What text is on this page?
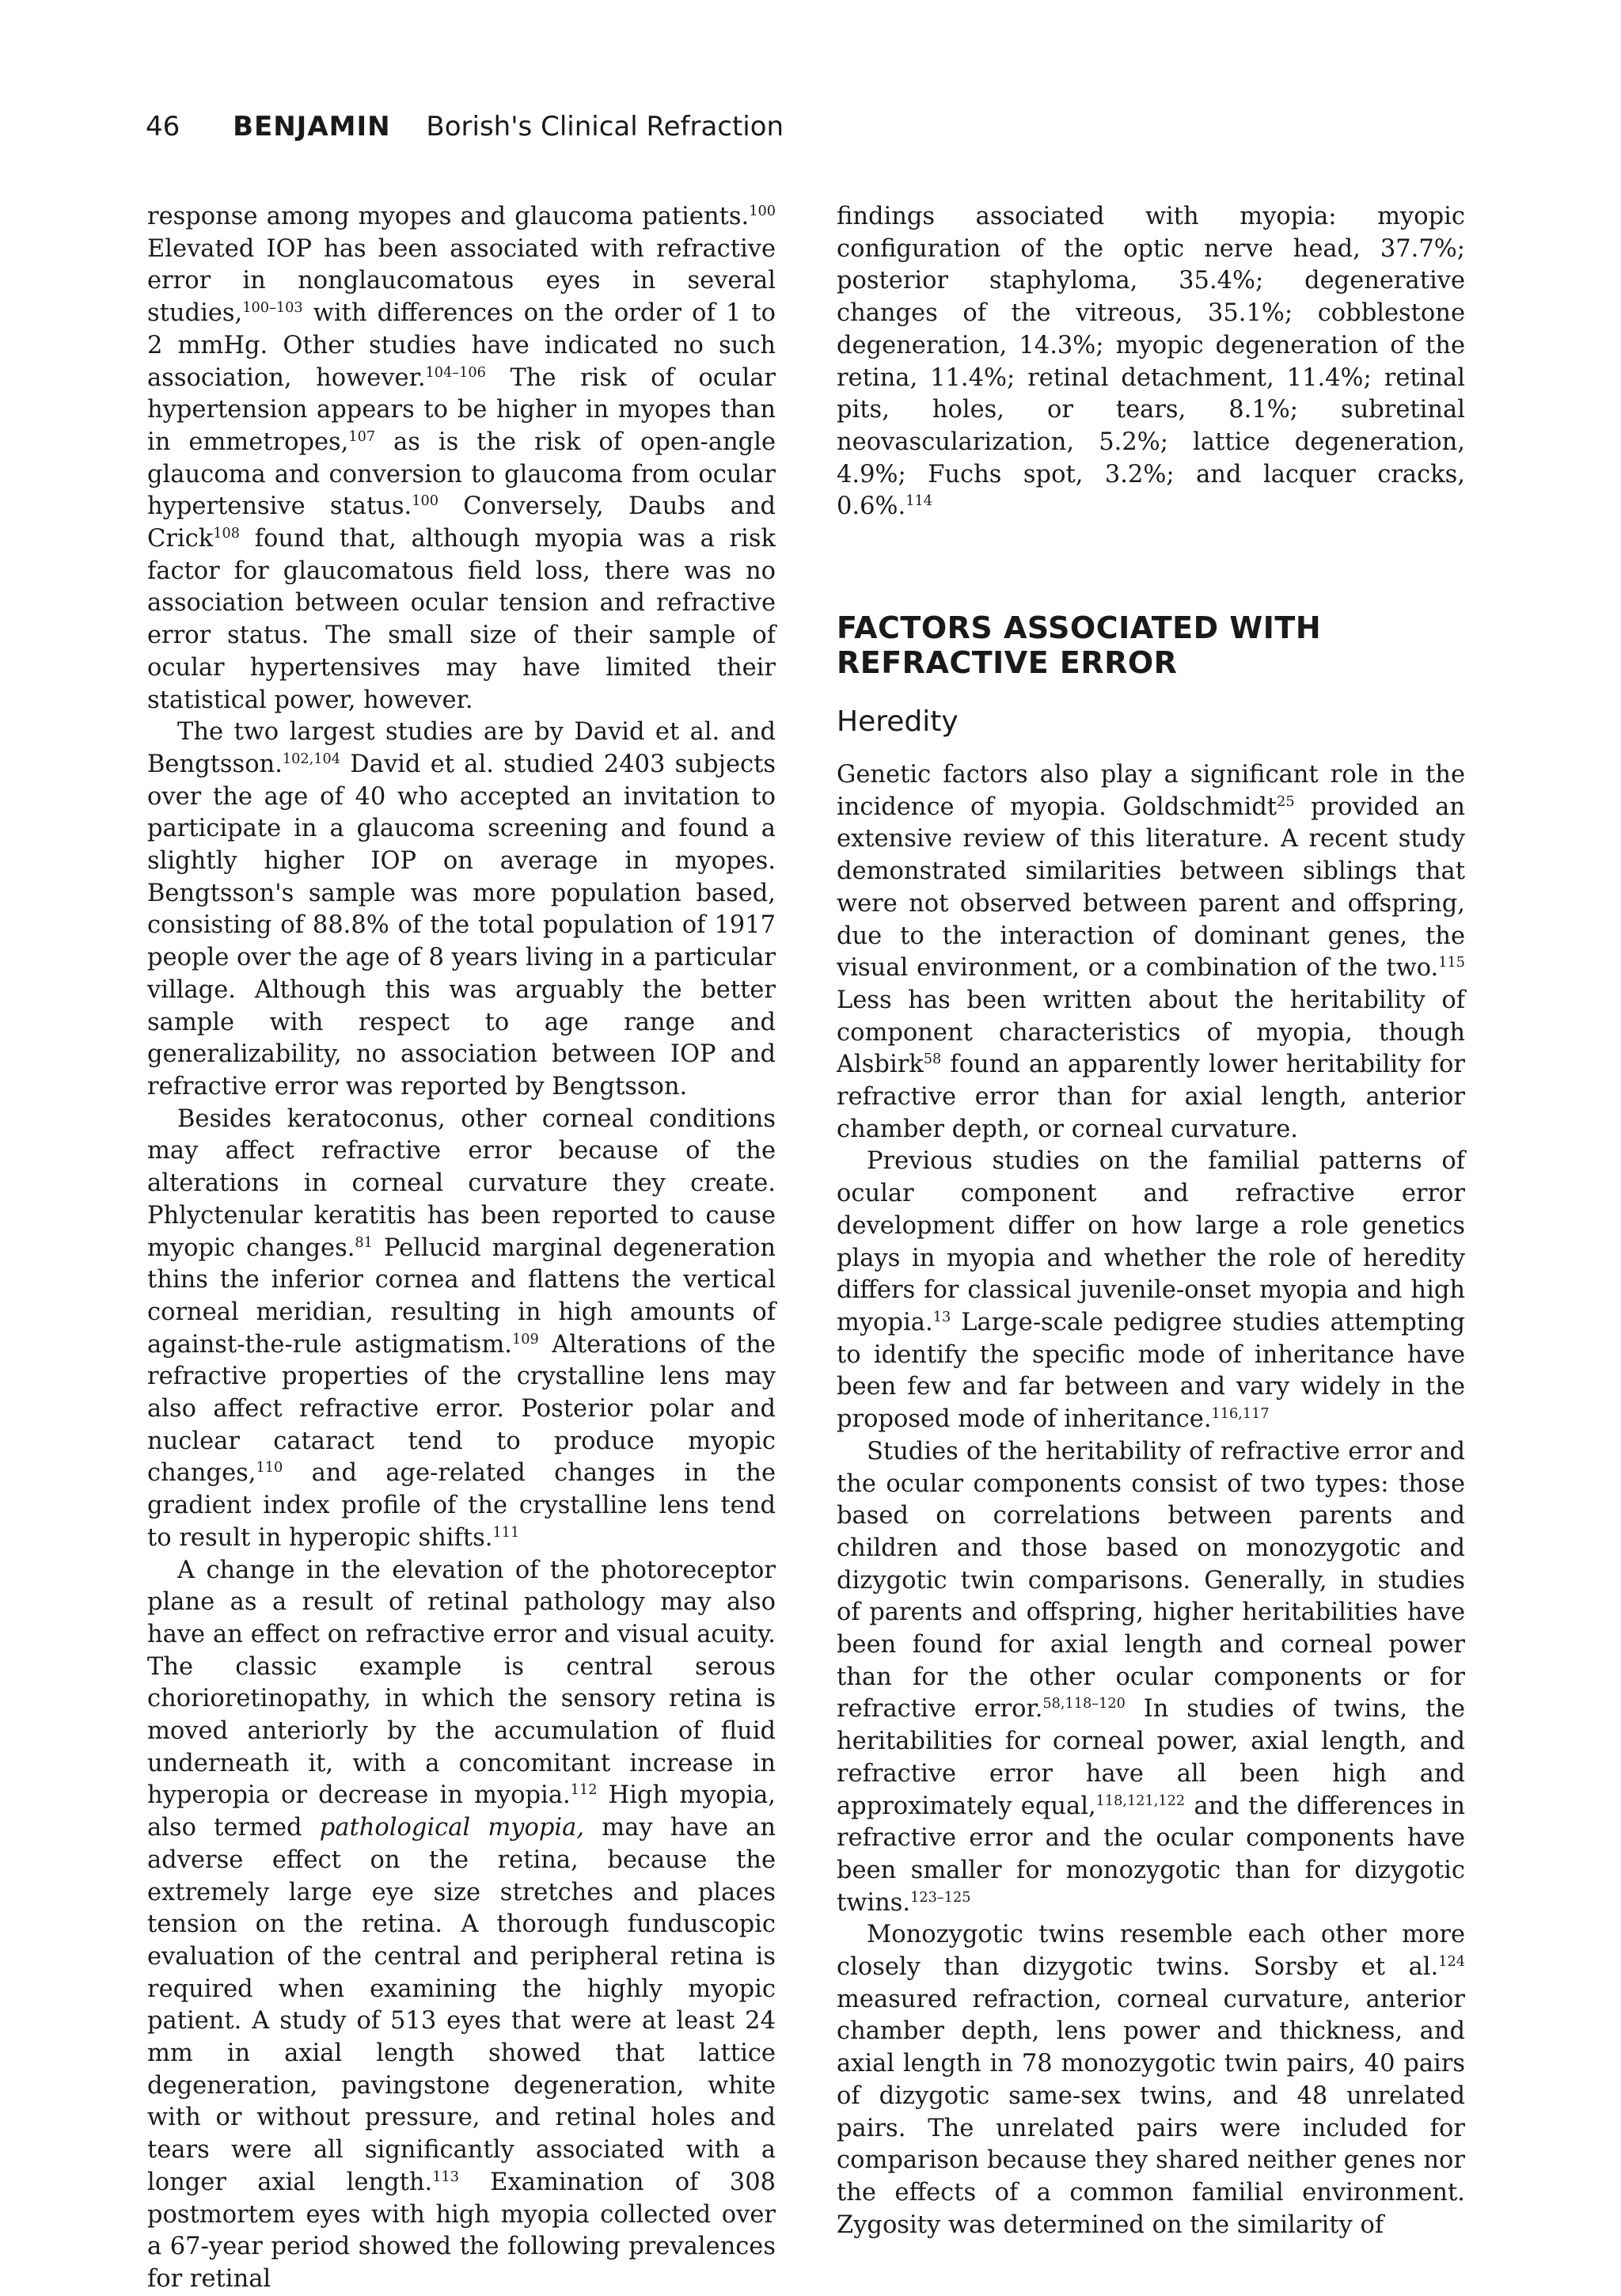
46 BENJAMIN Borish's Clinical Refraction

response among myopes and glaucoma patients.$^{100}$ Elevated IOP has been associated with refractive error in nonglaucomatous eyes in several studies,$^{100-103}$ with differences on the order of 1 to 2 mmHg. Other studies have indicated no such association, however.$^{104-106}$ The risk of ocular hypertension appears to be higher in myopes than in emmetropes,$^{107}$ as is the risk of open-angle glaucoma and conversion to glaucoma from ocular hypertensive status.$^{100}$ Conversely, Daubs and Crick$^{108}$ found that, although myopia was a risk factor for glaucomatous field loss, there was no association between ocular tension and refractive error status. The small size of their sample of ocular hypertensives may have limited their statistical power, however.

The two largest studies are by David et al. and Bengtsson.$^{102,104}$ David et al. studied 2403 subjects over the age of 40 who accepted an invitation to participate in a glaucoma screening and found a slightly higher IOP on average in myopes. Bengtsson's sample was more population based, consisting of 88.8% of the total population of 1917 people over the age of 8 years living in a particular village. Although this was arguably the better sample with respect to age range and generalizability, no association between IOP and refractive error was reported by Bengtsson.

Besides keratoconus, other corneal conditions may affect refractive error because of the alterations in corneal curvature they create. Phlyctenular keratitis has been reported to cause myopic changes.$^{81}$ Pellucid marginal degeneration thins the inferior cornea and flattens the vertical corneal meridian, resulting in high amounts of against-the-rule astigmatism.$^{109}$ Alterations of the refractive properties of the crystalline lens may also affect refractive error. Posterior polar and nuclear cataract tend to produce myopic changes,$^{110}$ and age-related changes in the gradient index profile of the crystalline lens tend to result in hyperopic shifts.$^{111}$

A change in the elevation of the photoreceptor plane as a result of retinal pathology may also have an effect on refractive error and visual acuity. The classic example is central serous chorioretinopathy, in which the sensory retina is moved anteriorly by the accumulation of fluid underneath it, with a concomitant increase in hyperopia or decrease in myopia.$^{112}$ High myopia, also termed pathological myopia, may have an adverse effect on the retina, because the extremely large eye size stretches and places tension on the retina. A thorough funduscopic evaluation of the central and peripheral retina is required when examining the highly myopic patient. A study of 513 eyes that were at least 24 mm in axial length showed that lattice degeneration, pavingstone degeneration, white with or without pressure, and retinal holes and tears were all significantly associated with a longer axial length.$^{113}$ Examination of 308 postmortem eyes with high myopia collected over a 67-year period showed the following prevalences for retinal

findings associated with myopia: myopic configuration of the optic nerve head, 37.7%; posterior staphyloma, 35.4%; degenerative changes of the vitreous, 35.1%; cobblestone degeneration, 14.3%; myopic degeneration of the retina, 11.4%; retinal detachment, 11.4%; retinal pits, holes, or tears, 8.1%; subretinal neovascularization, 5.2%; lattice degeneration, 4.9%; Fuchs spot, 3.2%; and lacquer cracks, 0.6%.$^{114}$

FACTORS ASSOCIATED WITH
REFRACTIVE ERROR
Heredity

Genetic factors also play a significant role in the incidence of myopia. Goldschmidt$^{25}$ provided an extensive review of this literature. A recent study demonstrated similarities between siblings that were not observed between parent and offspring, due to the interaction of dominant genes, the visual environment, or a combination of the two.$^{115}$ Less has been written about the heritability of component characteristics of myopia, though Alsbirk$^{58}$ found an apparently lower heritability for refractive error than for axial length, anterior chamber depth, or corneal curvature.

Previous studies on the familial patterns of ocular component and refractive error development differ on how large a role genetics plays in myopia and whether the role of heredity differs for classical juvenile-onset myopia and high myopia.$^{13}$ Large-scale pedigree studies attempting to identify the specific mode of inheritance have been few and far between and vary widely in the proposed mode of inheritance.$^{116,117}$

Studies of the heritability of refractive error and the ocular components consist of two types: those based on correlations between parents and children and those based on monozygotic and dizygotic twin comparisons. Generally, in studies of parents and offspring, higher heritabilities have been found for axial length and corneal power than for the other ocular components or for refractive error.$^{58,118-120}$ In studies of twins, the heritabilities for corneal power, axial length, and refractive error have all been high and approximately equal,$^{118,121,122}$ and the differences in refractive error and the ocular components have been smaller for monozygotic than for dizygotic twins.$^{123-125}$

Monozygotic twins resemble each other more closely than dizygotic twins. Sorsby et al.$^{124}$ measured refraction, corneal curvature, anterior chamber depth, lens power and thickness, and axial length in 78 monozygotic twin pairs, 40 pairs of dizygotic same-sex twins, and 48 unrelated pairs. The unrelated pairs were included for comparison because they shared neither genes nor the effects of a common familial environment. Zygosity was determined on the similarity of
